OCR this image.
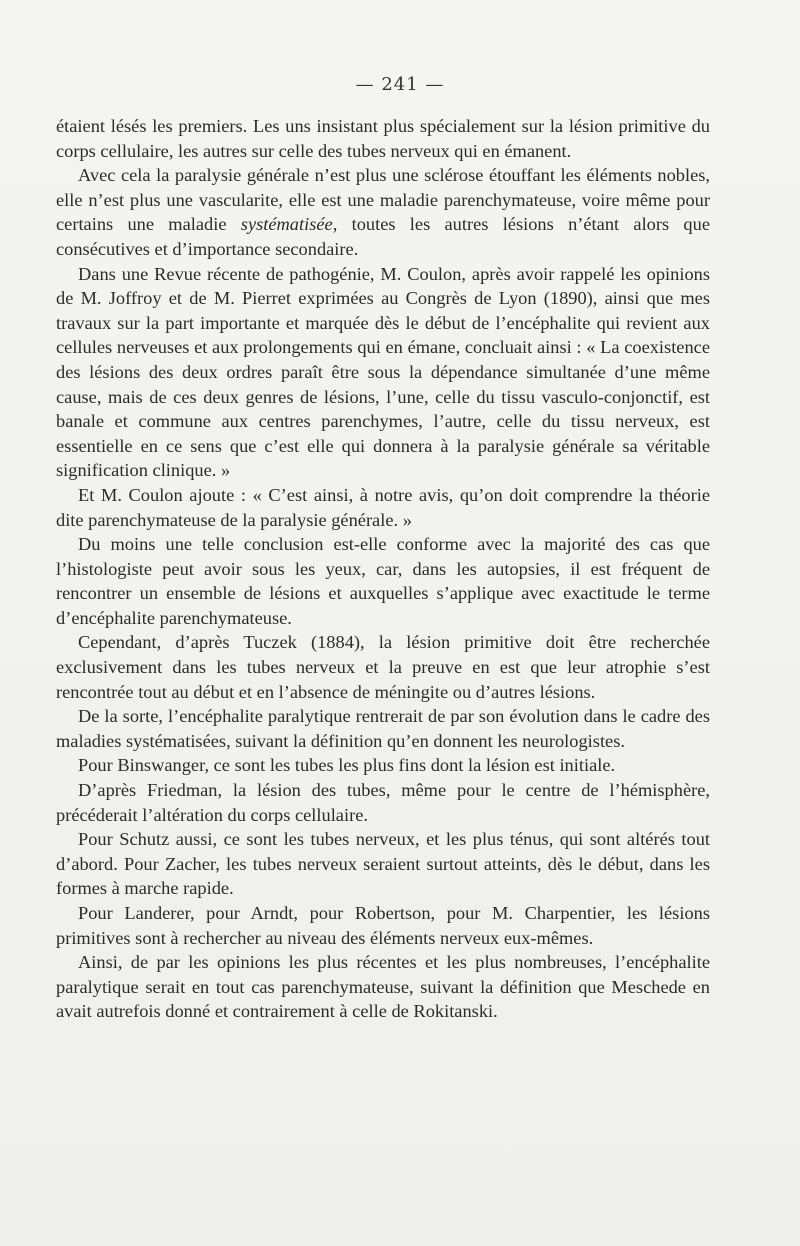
— 241 —

étaient lésés les premiers. Les uns insistant plus spécialement sur la lésion primitive du corps cellulaire, les autres sur celle des tubes nerveux qui en émanent.

Avec cela la paralysie générale n’est plus une sclérose étouffant les éléments nobles, elle n’est plus une vascularite, elle est une maladie parenchymateuse, voire même pour certains une maladie systématisée, toutes les autres lésions n’étant alors que consécutives et d’importance secondaire.

Dans une Revue récente de pathogénie, M. Coulon, après avoir rappelé les opinions de M. Joffroy et de M. Pierret exprimées au Congrès de Lyon (1890), ainsi que mes travaux sur la part importante et marquée dès le début de l’encéphalite qui revient aux cellules nerveuses et aux prolongements qui en émane, concluait ainsi : « La coexistence des lésions des deux ordres paraît être sous la dépendance simultanée d’une même cause, mais de ces deux genres de lésions, l’une, celle du tissu vasculo-conjonctif, est banale et commune aux centres parenchymes, l’autre, celle du tissu nerveux, est essentielle en ce sens que c’est elle qui donnera à la paralysie générale sa véritable signification clinique. »

Et M. Coulon ajoute : « C’est ainsi, à notre avis, qu’on doit comprendre la théorie dite parenchymateuse de la paralysie générale. »

Du moins une telle conclusion est-elle conforme avec la majorité des cas que l’histologiste peut avoir sous les yeux, car, dans les autopsies, il est fréquent de rencontrer un ensemble de lésions et auxquelles s’applique avec exactitude le terme d’encéphalite parenchymateuse.

Cependant, d’après Tuczek (1884), la lésion primitive doit être recherchée exclusivement dans les tubes nerveux et la preuve en est que leur atrophie s’est rencontrée tout au début et en l’absence de méningite ou d’autres lésions.

De la sorte, l’encéphalite paralytique rentrerait de par son évolution dans le cadre des maladies systématisées, suivant la définition qu’en donnent les neurologistes.

Pour Binswanger, ce sont les tubes les plus fins dont la lésion est initiale.

D’après Friedman, la lésion des tubes, même pour le centre de l’hémisphère, précéderait l’altération du corps cellulaire.

Pour Schutz aussi, ce sont les tubes nerveux, et les plus ténus, qui sont altérés tout d’abord. Pour Zacher, les tubes nerveux seraient surtout atteints, dès le début, dans les formes à marche rapide.

Pour Landerer, pour Arndt, pour Robertson, pour M. Charpentier, les lésions primitives sont à rechercher au niveau des éléments nerveux eux-mêmes.

Ainsi, de par les opinions les plus récentes et les plus nombreuses, l’encéphalite paralytique serait en tout cas parenchymateuse, suivant la définition que Meschede en avait autrefois donné et contrairement à celle de Rokitanski.
